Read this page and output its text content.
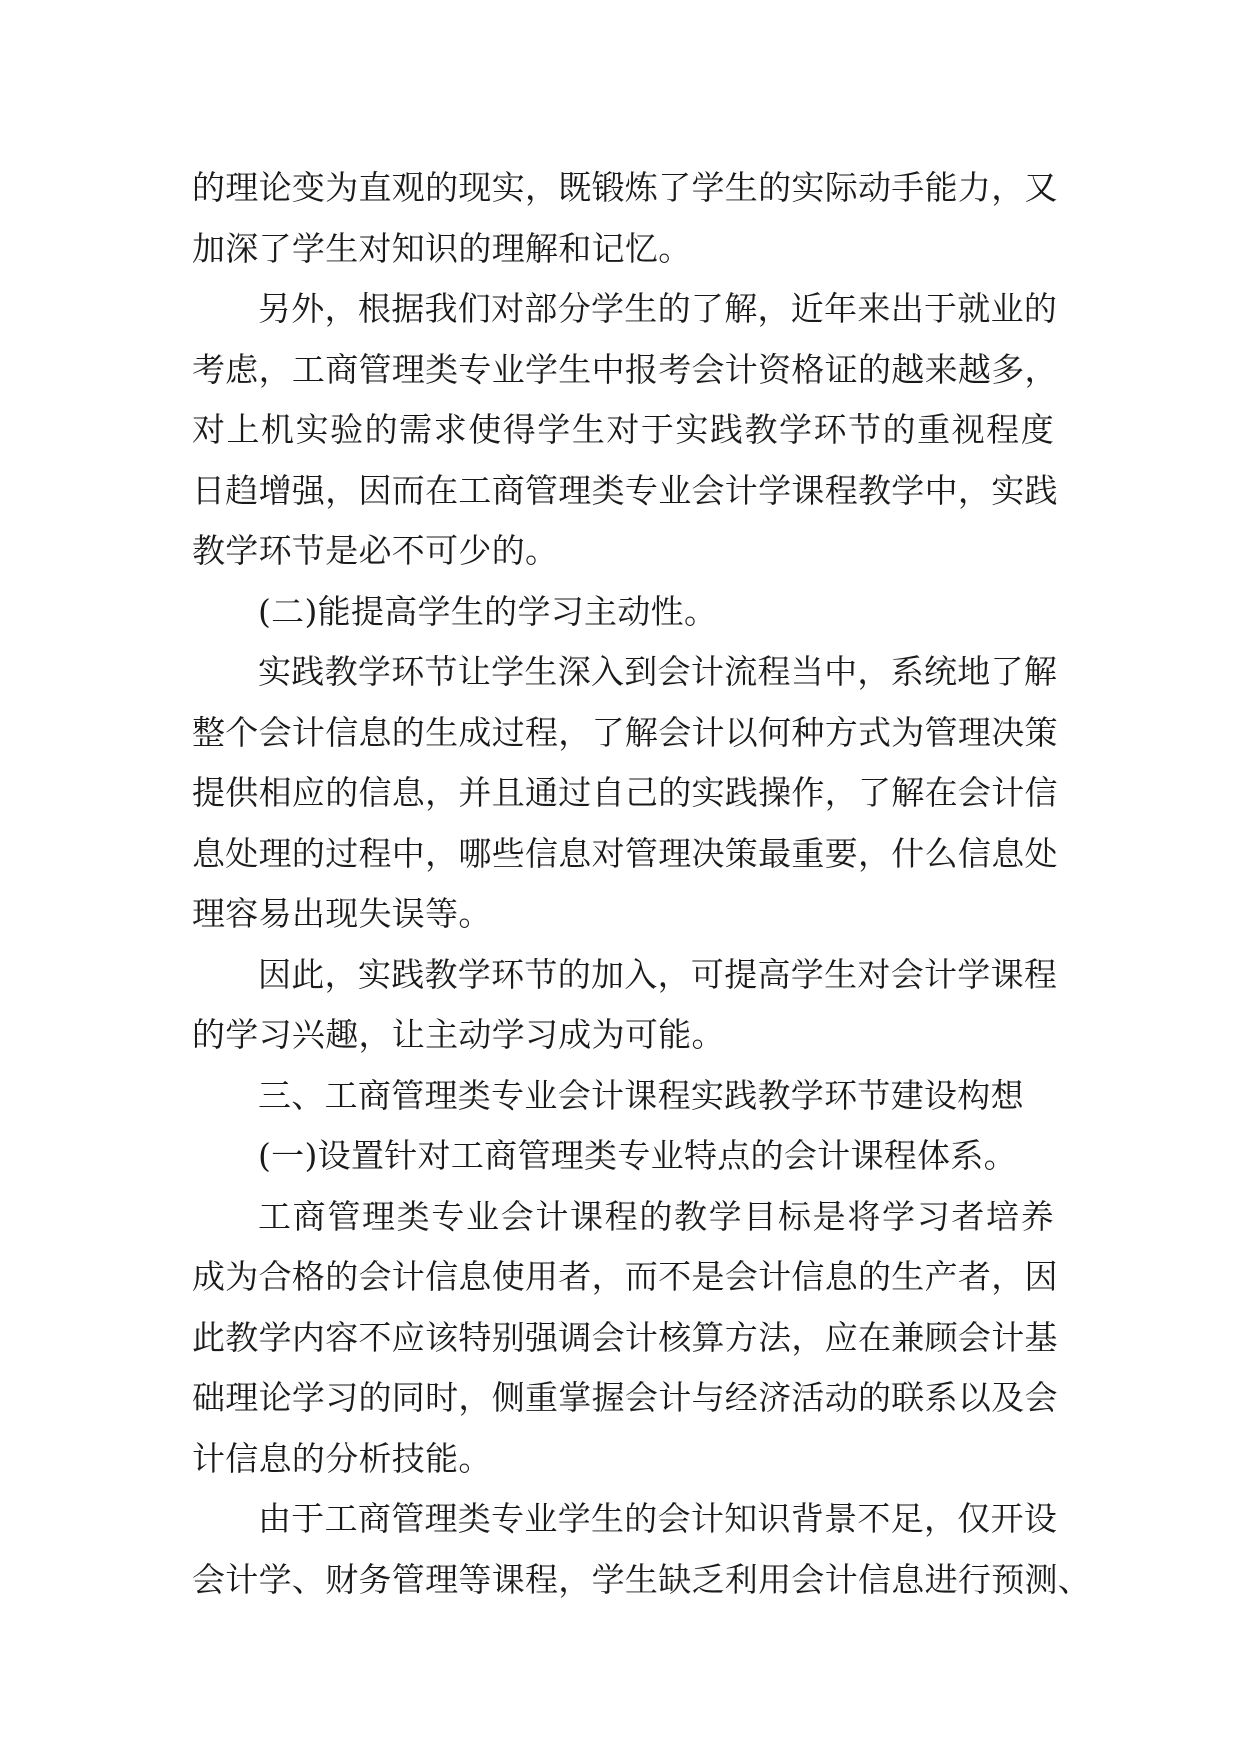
的理论变为直观的现实，既锻炼了学生的实际动手能力，又
加深了学生对知识的理解和记忆。
另外，根据我们对部分学生的了解，近年来出于就业的
考虑，工商管理类专业学生中报考会计资格证的越来越多，
对上机实验的需求使得学生对于实践教学环节的重视程度
日趋增强，因而在工商管理类专业会计学课程教学中，实践
教学环节是必不可少的。
(二)能提高学生的学习主动性。
实践教学环节让学生深入到会计流程当中，系统地了解
整个会计信息的生成过程，了解会计以何种方式为管理决策
提供相应的信息，并且通过自己的实践操作，了解在会计信
息处理的过程中，哪些信息对管理决策最重要，什么信息处
理容易出现失误等。
因此，实践教学环节的加入，可提高学生对会计学课程
的学习兴趣，让主动学习成为可能。
三、工商管理类专业会计课程实践教学环节建设构想
(一)设置针对工商管理类专业特点的会计课程体系。
工商管理类专业会计课程的教学目标是将学习者培养
成为合格的会计信息使用者，而不是会计信息的生产者，因
此教学内容不应该特别强调会计核算方法，应在兼顾会计基
础理论学习的同时，侧重掌握会计与经济活动的联系以及会
计信息的分析技能。
由于工商管理类专业学生的会计知识背景不足，仅开设
会计学、财务管理等课程，学生缺乏利用会计信息进行预测、
